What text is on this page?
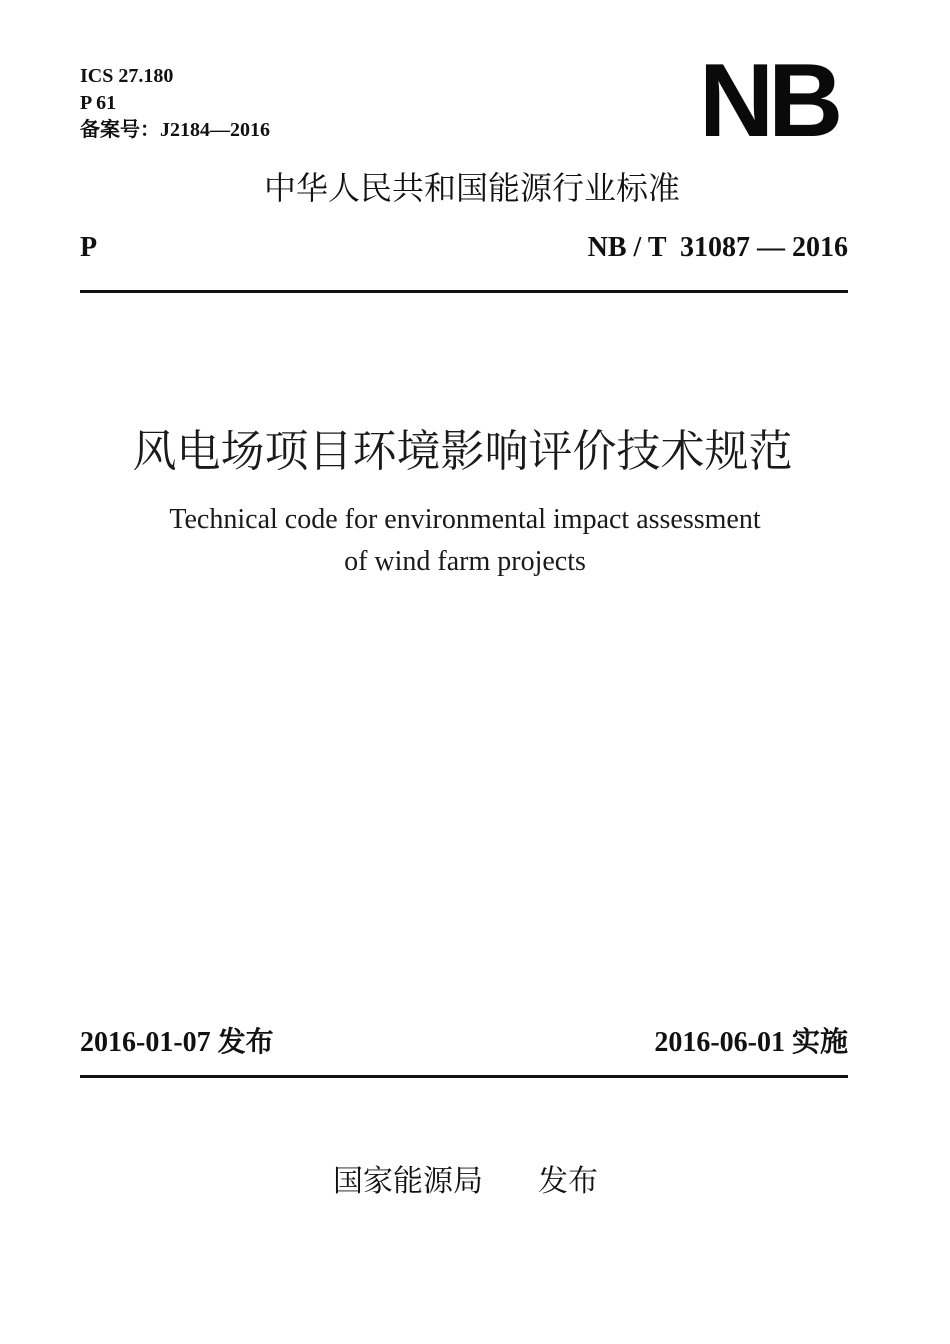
ICS 27.180
P 61
备案号：J2184—2016	NB
中华人民共和国能源行业标准
P	NB / T  31087 — 2016
风电场项目环境影响评价技术规范
Technical code for environmental impact assessment
of wind farm projects
2016-01-07 发布	2016-06-01 实施
国家能源局 发布
